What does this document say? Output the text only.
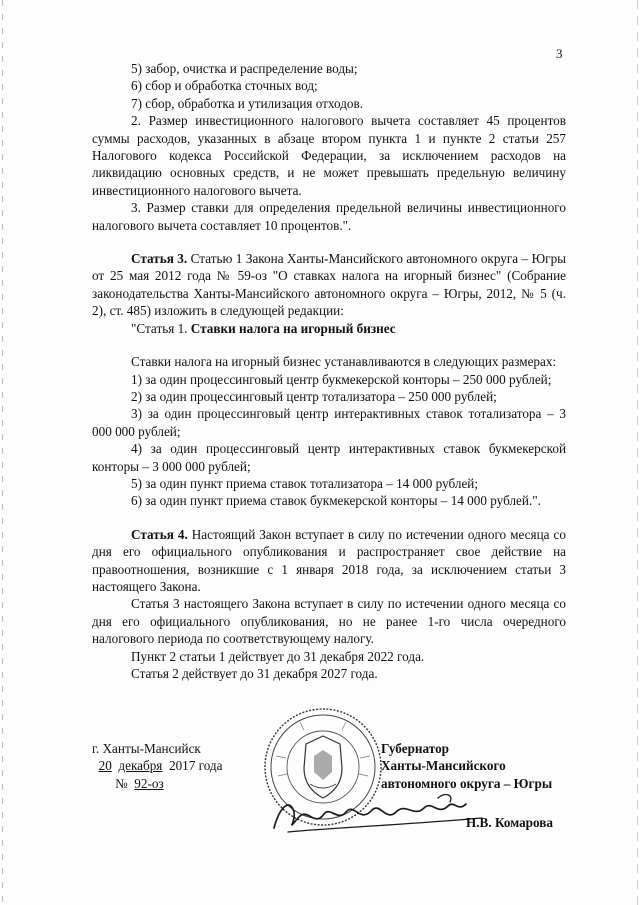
3

5) забор, очистка и распределение воды;

6) сбор и обработка сточных вод;

7) сбор, обработка и утилизация отходов.

2. Размер инвестиционного налогового вычета составляет 45 процентов суммы расходов, указанных в абзаце втором пункта 1 и пункте 2 статьи 257 Налогового кодекса Российской Федерации, за исключением расходов на ликвидацию основных средств, и не может превышать предельную величину инвестиционного налогового вычета.

3. Размер ставки для определения предельной величины инвестиционного налогового вычета составляет 10 процентов.".

Статья 3. Статью 1 Закона Ханты-Мансийского автономного округа – Югры от 25 мая 2012 года № 59-оз "О ставках налога на игорный бизнес" (Собрание законодательства Ханты-Мансийского автономного округа – Югры, 2012, № 5 (ч. 2), ст. 485) изложить в следующей редакции:

"Статья 1. Ставки налога на игорный бизнес

Ставки налога на игорный бизнес устанавливаются в следующих размерах:

1) за один процессинговый центр букмекерской конторы – 250 000 рублей;

2) за один процессинговый центр тотализатора – 250 000 рублей;

3) за один процессинговый центр интерактивных ставок тотализатора – 3 000 000 рублей;

4) за один процессинговый центр интерактивных ставок букмекерской конторы – 3 000 000 рублей;

5) за один пункт приема ставок тотализатора – 14 000 рублей;

6) за один пункт приема ставок букмекерской конторы – 14 000 рублей.".

Статья 4. Настоящий Закон вступает в силу по истечении одного месяца со дня его официального опубликования и распространяет свое действие на правоотношения, возникшие с 1 января 2018 года, за исключением статьи 3 настоящего Закона.

Статья 3 настоящего Закона вступает в силу по истечении одного месяца со дня его официального опубликования, но не ранее 1-го числа очередного налогового периода по соответствующему налогу.

Пункт 2 статьи 1 действует до 31 декабря 2022 года.

Статья 2 действует до 31 декабря 2027 года.

г. Ханты-Мансийск
20 декабря 2017 года
№ 92-оз
Губернатор
Ханты-Мансийского
автономного округа – Югры
Н.В. Комарова
